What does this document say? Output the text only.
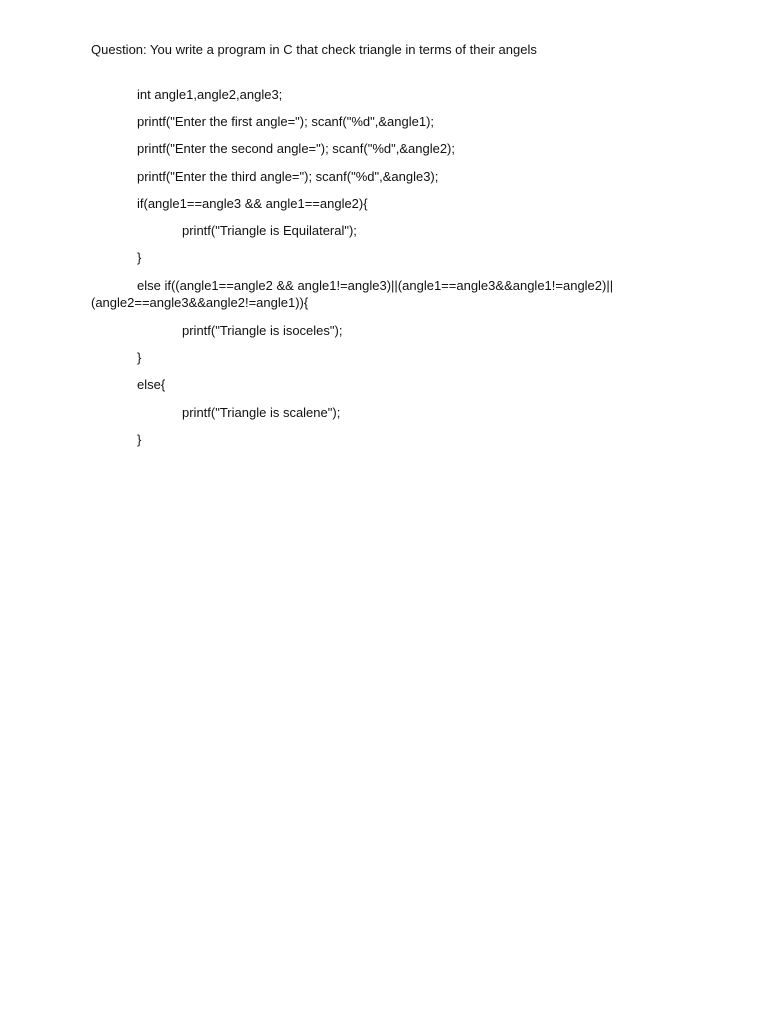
Question: You write a program in C that check triangle in terms of their angels
int angle1,angle2,angle3;
printf("Enter the first angle="); scanf("%d",&angle1);
printf("Enter the second angle="); scanf("%d",&angle2);
printf("Enter the third angle="); scanf("%d",&angle3);
if(angle1==angle3 && angle1==angle2){
printf("Triangle is Equilateral");
}
else if((angle1==angle2 && angle1!=angle3)||(angle1==angle3&&angle1!=angle2)||
(angle2==angle3&&angle2!=angle1)){
printf("Triangle is isoceles");
}
else{
printf("Triangle is scalene");
}
